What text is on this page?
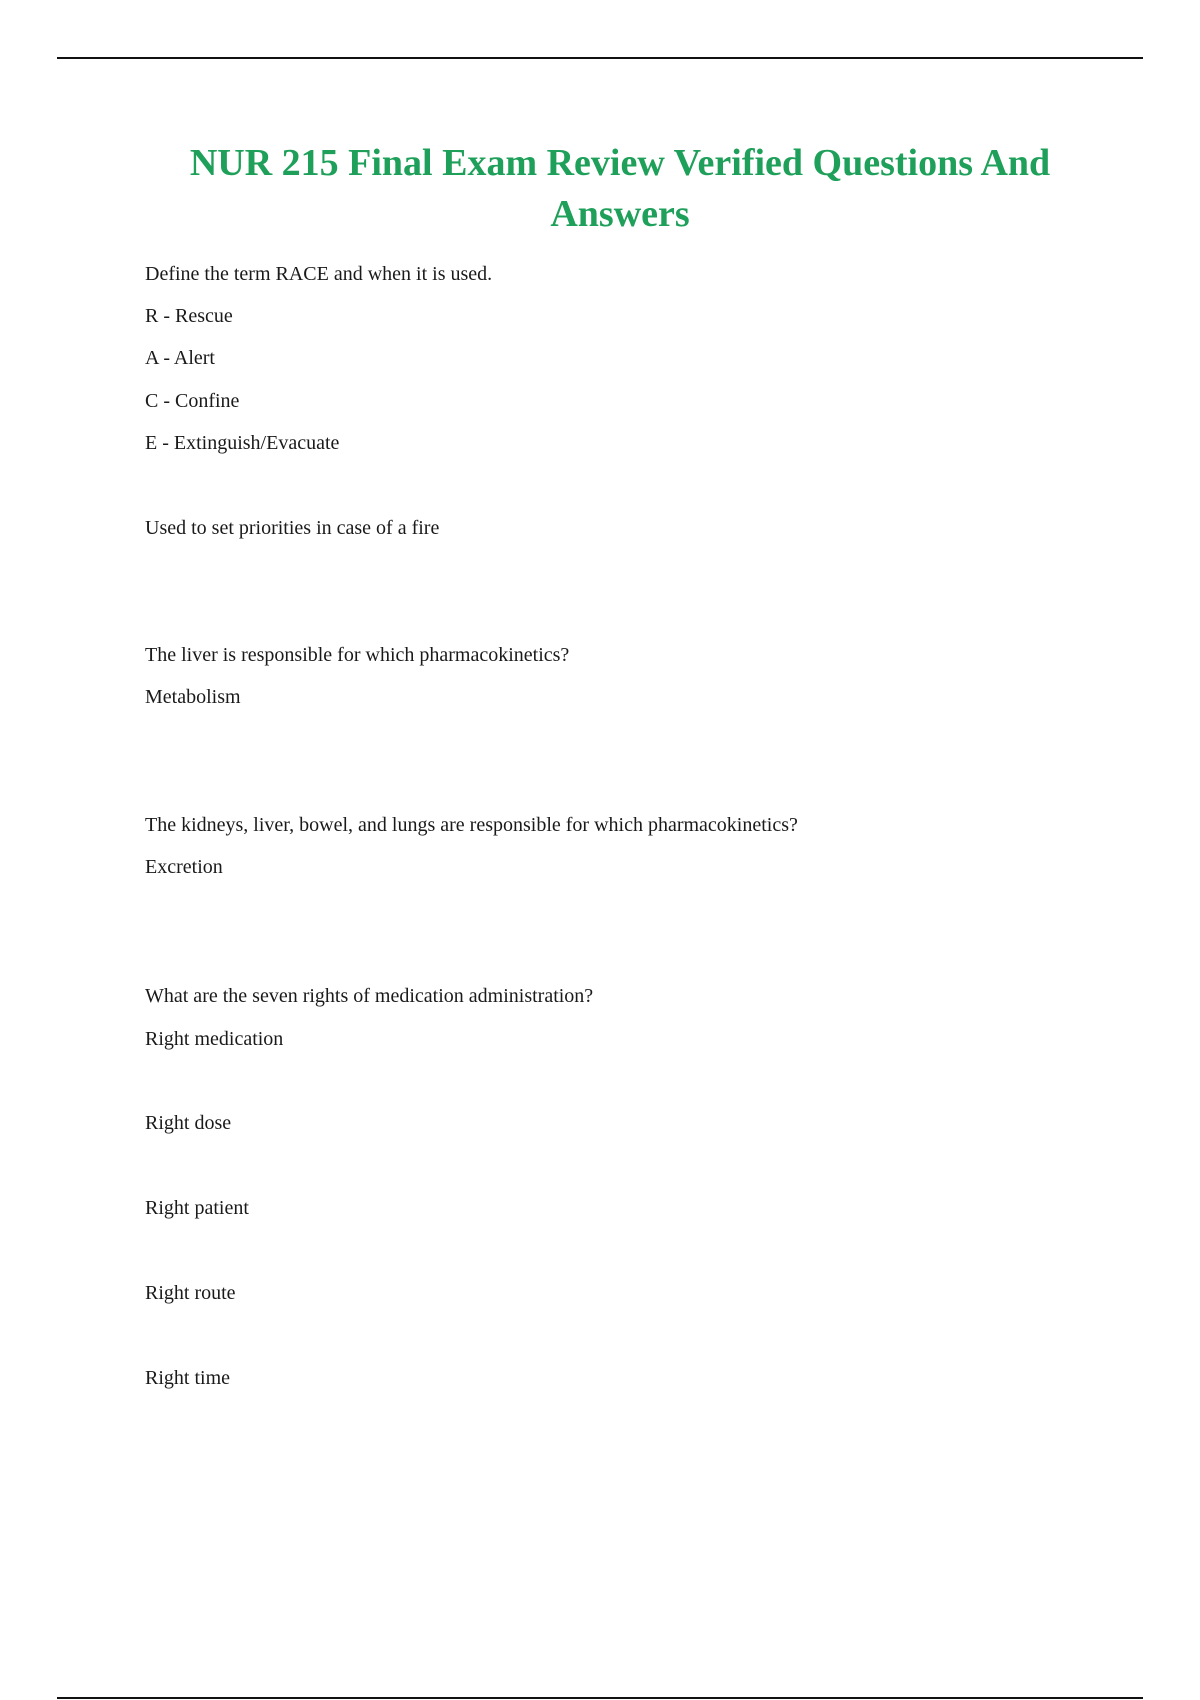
NUR 215 Final Exam Review Verified Questions And Answers

Define the term RACE and when it is used.

R - Rescue

A - Alert

C - Confine

E - Extinguish/Evacuate

Used to set priorities in case of a fire

The liver is responsible for which pharmacokinetics?

Metabolism

The kidneys, liver, bowel, and lungs are responsible for which pharmacokinetics?

Excretion

What are the seven rights of medication administration?

Right medication

Right dose

Right patient

Right route

Right time
